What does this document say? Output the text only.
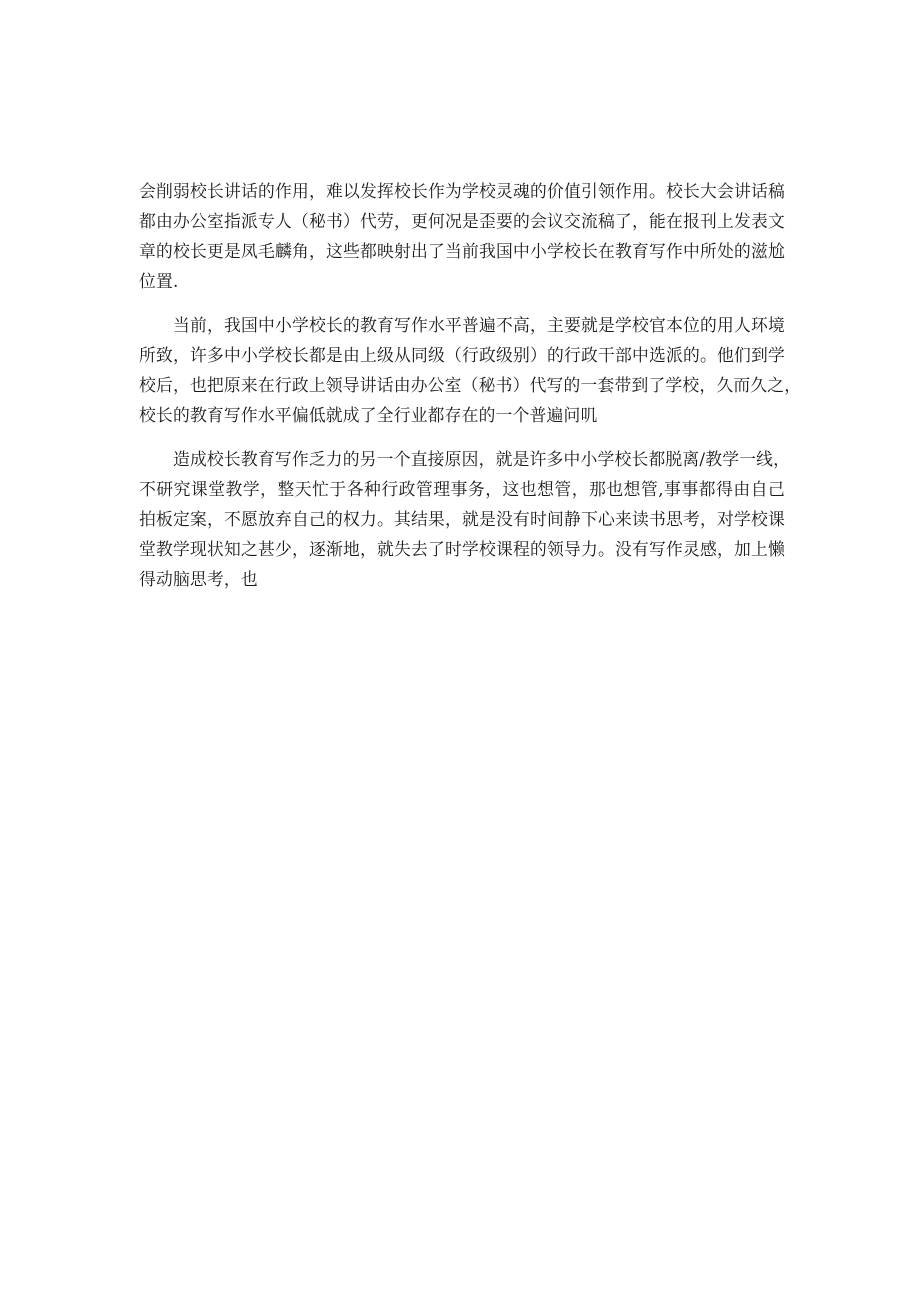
会削弱校长讲话的作用，难以发挥校长作为学校灵魂的价值引领作用。校长大会讲话稿
都由办公室指派专人（秘书）代劳，更何况是歪要的会议交流稿了，能在报刊上发表文
章的校长更是凤毛麟角，这些都映射出了当前我国中小学校长在教育写作中所处的滋尬
位置.
　　当前，我国中小学校长的教育写作水平普遍不高，主要就是学校官本位的用人环境
所致，许多中小学校长都是由上级从同级（行政级别）的行政干部中选派的。他们到学
校后，也把原来在行政上领导讲话由办公室（秘书）代写的一套带到了学校，久而久之，
校长的教育写作水平偏低就成了全行业都存在的一个普遍问叽
　　造成校长教育写作乏力的另一个直接原因，就是许多中小学校长都脱离/教学一线，
不研究课堂教学，整天忙于各种行政管理事务，这也想管，那也想管,事事都得由自己
拍板定案，不愿放弃自己的权力。其结果，就是没有时间静下心来读书思考，对学校课
堂教学现状知之甚少，逐渐地，就失去了时学校课程的领导力。没有写作灵感，加上懒
得动脑思考，也
